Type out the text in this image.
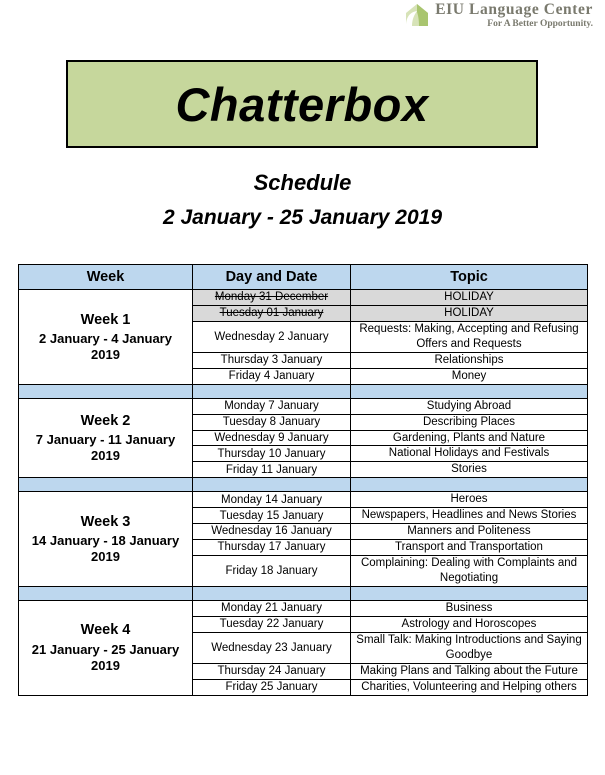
EIU Language Center
For A Better Opportunity.
Chatterbox
Schedule
2 January - 25 January 2019
Week	Day and Date	Topic

Week 1
2 January - 4 January
2019	Monday 31 December	HOLIDAY
	Tuesday 01 January	HOLIDAY
	Wednesday 2 January	Requests: Making, Accepting and Refusing Offers and Requests
	Thursday 3 January	Relationships
	Friday 4 January	Money

Week 2
7 January - 11 January
2019	Monday 7 January	Studying Abroad
	Tuesday 8 January	Describing Places
	Wednesday 9 January	Gardening, Plants and Nature
	Thursday 10 January	National Holidays and Festivals
	Friday 11 January	Stories

Week 3
14 January - 18 January
2019	Monday 14 January	Heroes
	Tuesday 15 January	Newspapers, Headlines and News Stories
	Wednesday 16 January	Manners and Politeness
	Thursday 17 January	Transport and Transportation
	Friday 18 January	Complaining: Dealing with Complaints and Negotiating

Week 4
21 January - 25 January
2019	Monday 21 January	Business
	Tuesday 22 January	Astrology and Horoscopes
	Wednesday 23 January	Small Talk: Making Introductions and Saying Goodbye
	Thursday 24 January	Making Plans and Talking about the Future
	Friday 25 January	Charities, Volunteering and Helping others
